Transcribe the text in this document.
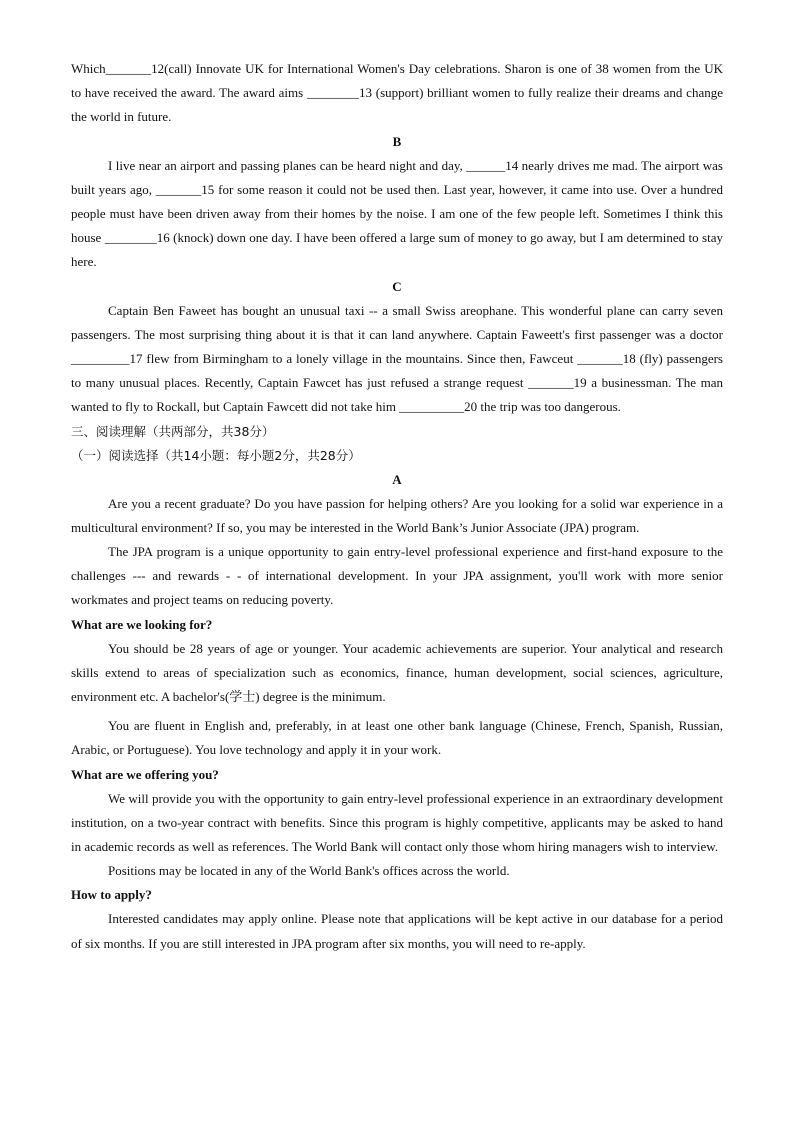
Which_______12(call) Innovate UK for International Women's Day celebrations. Sharon is one of 38 women from the UK to have received the award. The award aims ________13 (support) brilliant women to fully realize their dreams and change the world in future.

B

I live near an airport and passing planes can be heard night and day, ______14 nearly drives me mad. The airport was built years ago, _______15 for some reason it could not be used then. Last year, however, it came into use. Over a hundred people must have been driven away from their homes by the noise. I am one of the few people left. Sometimes I think this house ________16 (knock) down one day. I have been offered a large sum of money to go away, but I am determined to stay here.

C

Captain Ben Faweet has bought an unusual taxi -- a small Swiss areophane. This wonderful plane can carry seven passengers. The most surprising thing about it is that it can land anywhere. Captain Faweett's first passenger was a doctor _________17 flew from Birmingham to a lonely village in the mountains. Since then, Fawceut _______18 (fly) passengers to many unusual places. Recently, Captain Fawcet has just refused a strange request _______19 a businessman. The man wanted to fly to Rockall, but Captain Fawcett did not take him __________20 the trip was too dangerous.

三、阅读理解（共两部分，共38分）

（一）阅读选择（共14小题：每小题2分，共28分）

A

Are you a recent graduate? Do you have passion for helping others? Are you looking for a solid war experience in a multicultural environment? If so, you may be interested in the World Bank’s Junior Associate (JPA) program.

The JPA program is a unique opportunity to gain entry-level professional experience and first-hand exposure to the challenges --- and rewards - - of international development. In your JPA assignment, you'll work with more senior workmates and project teams on reducing poverty.

What are we looking for?

You should be 28 years of age or younger. Your academic achievements are superior. Your analytical and research skills extend to areas of specialization such as economics, finance, human development, social sciences, agriculture, environment etc. A bachelor's(学士) degree is the minimum.

You are fluent in English and, preferably, in at least one other bank language (Chinese, French, Spanish, Russian, Arabic, or Portuguese). You love technology and apply it in your work.

What are we offering you?

We will provide you with the opportunity to gain entry-level professional experience in an extraordinary development institution, on a two-year contract with benefits. Since this program is highly competitive, applicants may be asked to hand in academic records as well as references. The World Bank will contact only those whom hiring managers wish to interview.

Positions may be located in any of the World Bank's offices across the world.

How to apply?

Interested candidates may apply online. Please note that applications will be kept active in our database for a period of six months. If you are still interested in JPA program after six months, you will need to re-apply.
